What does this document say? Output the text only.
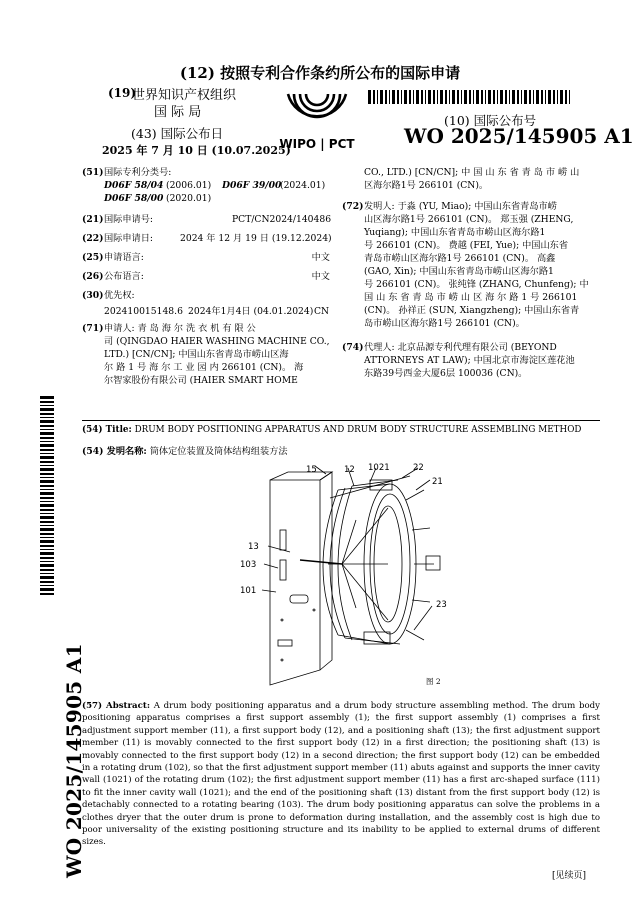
(12) 按照专利合作条约所公布的国际申请
(19)
世界知识产权组织
国 际 局
(43) 国际公布日
2025 年 7 月 10 日 (10.07.2025)
WIPO | PCT
(10) 国际公布号
WO 2025/145905 A1
(51) 国际专利分类号:
D06F 58/04 (2006.01) D06F 39/00
(2024.01)
D06F 58/00 (2020.01)
(21) 国际申请号:	PCT/CN2024/140486
(22) 国际申请日:	2024 年 12 月 19 日 (19.12.2024)
(25) 申请语言:	中文
(26) 公布语言:	中文
(30) 优先权:
202410015148.6 2024年1月4日 (04.01.2024) CN
(71) 申请人: 青 岛 海 尔 洗 衣 机 有 限 公
司 (QINGDAO HAIER WASHING MACHINE CO.,
LTD.) [CN/CN]; 中国山东省青岛市崂山区海
尔 路 1 号 海 尔 工 业 园 内 266101 (CN)。 海
尔智家股份有限公司 (HAIER SMART HOME
CO., LTD.) [CN/CN]; 中 国 山 东 省 青 岛 市 崂 山
区海尔路1号 266101 (CN)。
(72) 发明人: 于淼 (YU, Miao); 中国山东省青岛市崂
山区海尔路1号 266101 (CN)。 郑玉强 (ZHENG,
Yuqiang); 中国山东省青岛市崂山区海尔路1
号 266101 (CN)。 费越 (FEI, Yue); 中国山东省
青岛市崂山区海尔路1号 266101 (CN)。 高鑫
(GAO, Xin); 中国山东省青岛市崂山区海尔路1
号 266101 (CN)。 张纯锋 (ZHANG, Chunfeng); 中
国 山 东 省 青 岛 市 崂 山 区 海 尔 路 1 号 266101
(CN)。 孙祥正 (SUN, Xiangzheng); 中国山东省青
岛市崂山区海尔路1号 266101 (CN)。
(74) 代理人: 北京品源专利代理有限公司 (BEYOND
ATTORNEYS AT LAW); 中国北京市海淀区莲花池
东路39号西金大厦6层 100036 (CN)。
(54) Title: DRUM BODY POSITIONING APPARATUS AND DRUM BODY STRUCTURE ASSEMBLING METHOD
(54) 发明名称: 筒体定位装置及筒体结构组装方法
15	12 1021	22
21
13
103
101
23
图 2
(57) Abstract: A drum body positioning apparatus and a drum body structure assembling method. The drum body positioning apparatus comprises a first support assembly (1); the first support assembly (1) comprises a first adjustment support member (11), a first support body (12), and a positioning shaft (13); the first adjustment support member (11) is movably connected to the first support body (12) in a first direction; the positioning shaft (13) is movably connected to the first support body (12) in a second direction; the first support body (12) can be embedded in a rotating drum (102), so that the first adjustment support member (11) abuts against and supports the inner cavity wall (1021) of the rotating drum (102); the first adjustment support member (11) has a first arc-shaped surface (111) to fit the inner cavity wall (1021); and the end of the positioning shaft (13) distant from the first support body (12) is detachably connected to a rotating bearing (103). The drum body positioning apparatus can solve the problems in a clothes dryer that the outer drum is prone to deformation during installation, and the assembly cost is high due to poor universality of the existing positioning structure and its inability to be applied to external drums of different sizes.
WO 2025/145905 A1	[见续页]
